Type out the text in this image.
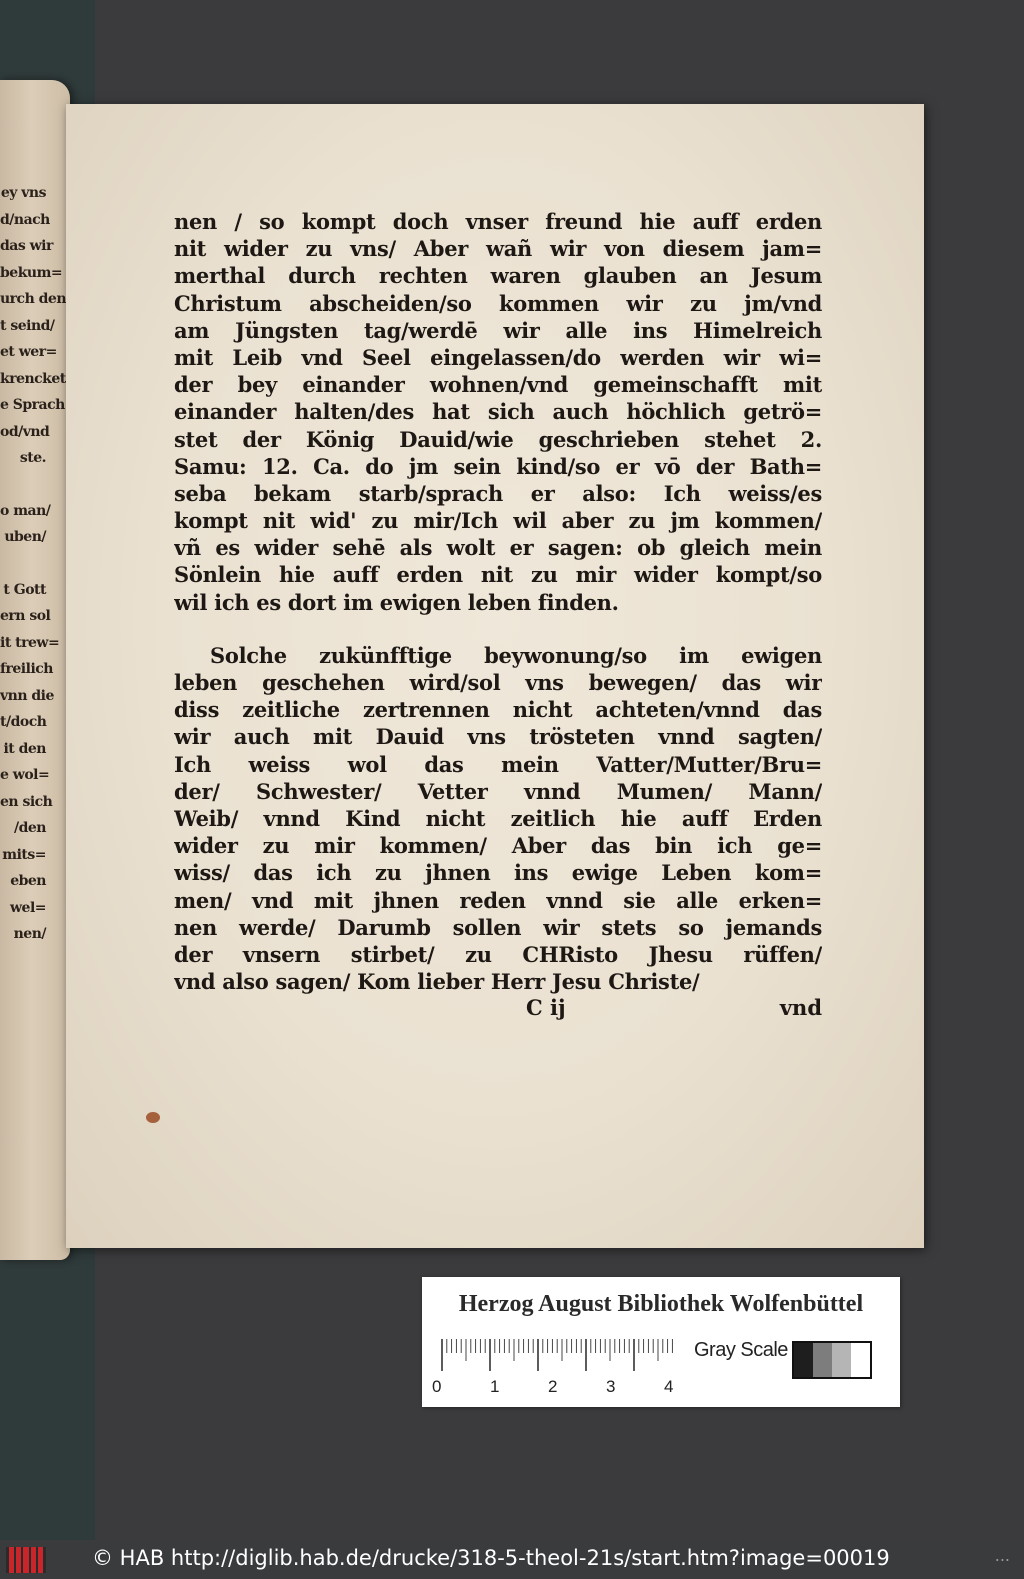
ey vns
d/nach
das wir
bekum=
urch den
t seind/
et wer=
krencket
e Sprach
od/vnd
ste.
o man/
uben/
t Gott
ern sol
it trew=
freilich
vnn die
t/doch
it den
e wol=
en sich
/den
mits=
eben
wel=
nen/
nen / so kompt doch vnser freund hie auff erden
nit wider zu vns/ Aber wañ wir von diesem jam=
merthal durch rechten waren glauben an Jesum
Christum abscheiden/so kommen wir zu jm/vnd
am Jüngsten tag/werdē wir alle ins Himelreich
mit Leib vnd Seel eingelassen/do werden wir wi=
der bey einander wohnen/vnd gemeinschafft mit
einander halten/des hat sich auch höchlich getrö=
stet der König Dauid/wie geschrieben stehet 2.
Samu: 12. Ca. do jm sein kind/so er vō der Bath=
seba bekam starb/sprach er also: Ich weiss/es
kompt nit wid' zu mir/Ich wil aber zu jm kommen/
vñ es wider sehē als wolt er sagen: ob gleich mein
Sönlein hie auff erden nit zu mir wider kompt/so
wil ich es dort im ewigen leben finden.
Solche zukünfftige beywonung/so im ewigen
leben geschehen wird/sol vns bewegen/ das wir
diss zeitliche zertrennen nicht achteten/vnnd das
wir auch mit Dauid vns trösteten vnnd sagten/
Ich weiss wol das mein Vatter/Mutter/Bru=
der/ Schwester/ Vetter vnnd Mumen/ Mann/
Weib/ vnnd Kind nicht zeitlich hie auff Erden
wider zu mir kommen/ Aber das bin ich ge=
wiss/ das ich zu jhnen ins ewige Leben kom=
men/ vnd mit jhnen reden vnnd sie alle erken=
nen werde/ Darumb sollen wir stets so jemands
der vnsern stirbet/ zu CHRisto Jhesu rüffen/
vnd also sagen/ Kom lieber Herr Jesu Christe/
C ij	vnd
Herzog August Bibliothek Wolfenbüttel
0	1	2	3	4
Gray Scale
© HAB http://diglib.hab.de/drucke/318-5-theol-21s/start.htm?image=00019	...
